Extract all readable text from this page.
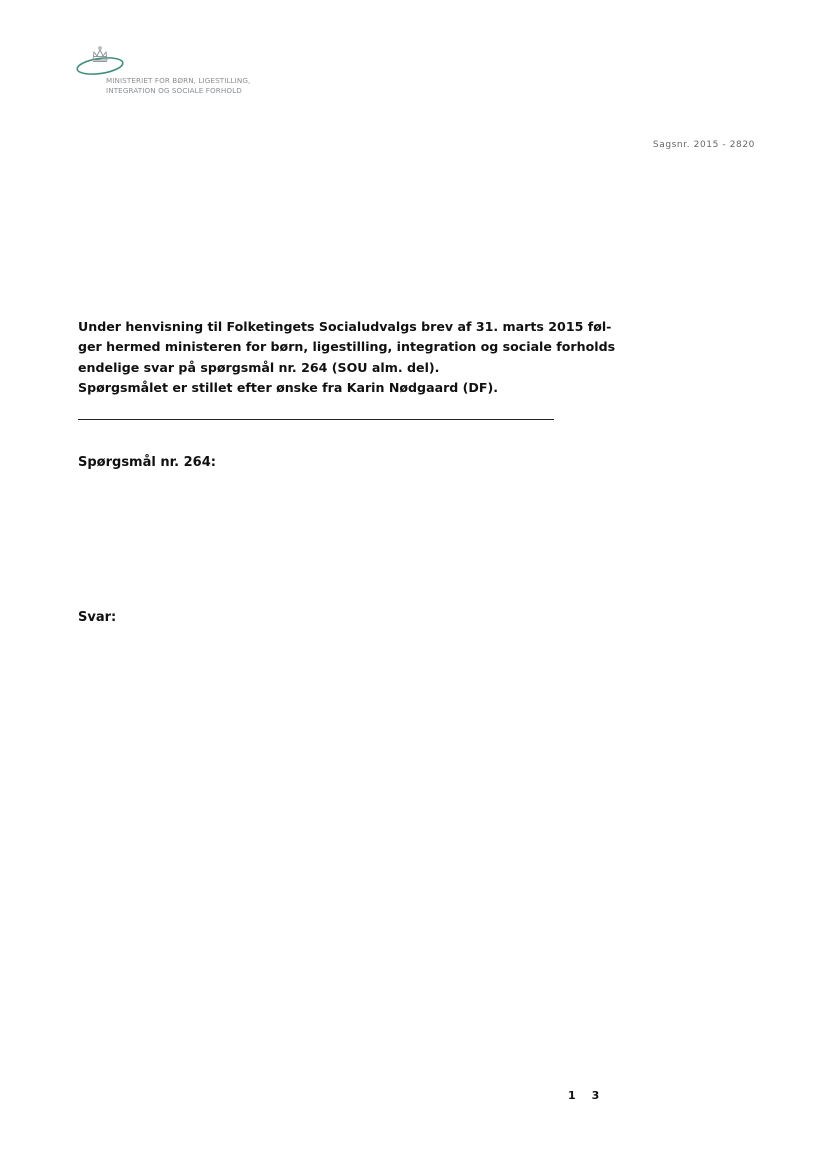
MINISTERIET FOR BØRN, LIGESTILLING,
INTEGRATION OG SOCIALE FORHOLD
Sagsnr. 2015 - 2820
Under henvisning til Folketingets Socialudvalgs brev af 31. marts 2015 føl-
ger hermed ministeren for børn, ligestilling, integration og sociale forholds
endelige svar på spørgsmål nr. 264 (SOU alm. del).
Spørgsmålet er stillet efter ønske fra Karin Nødgaard (DF).
Spørgsmål nr. 264:
Svar:
1 3
